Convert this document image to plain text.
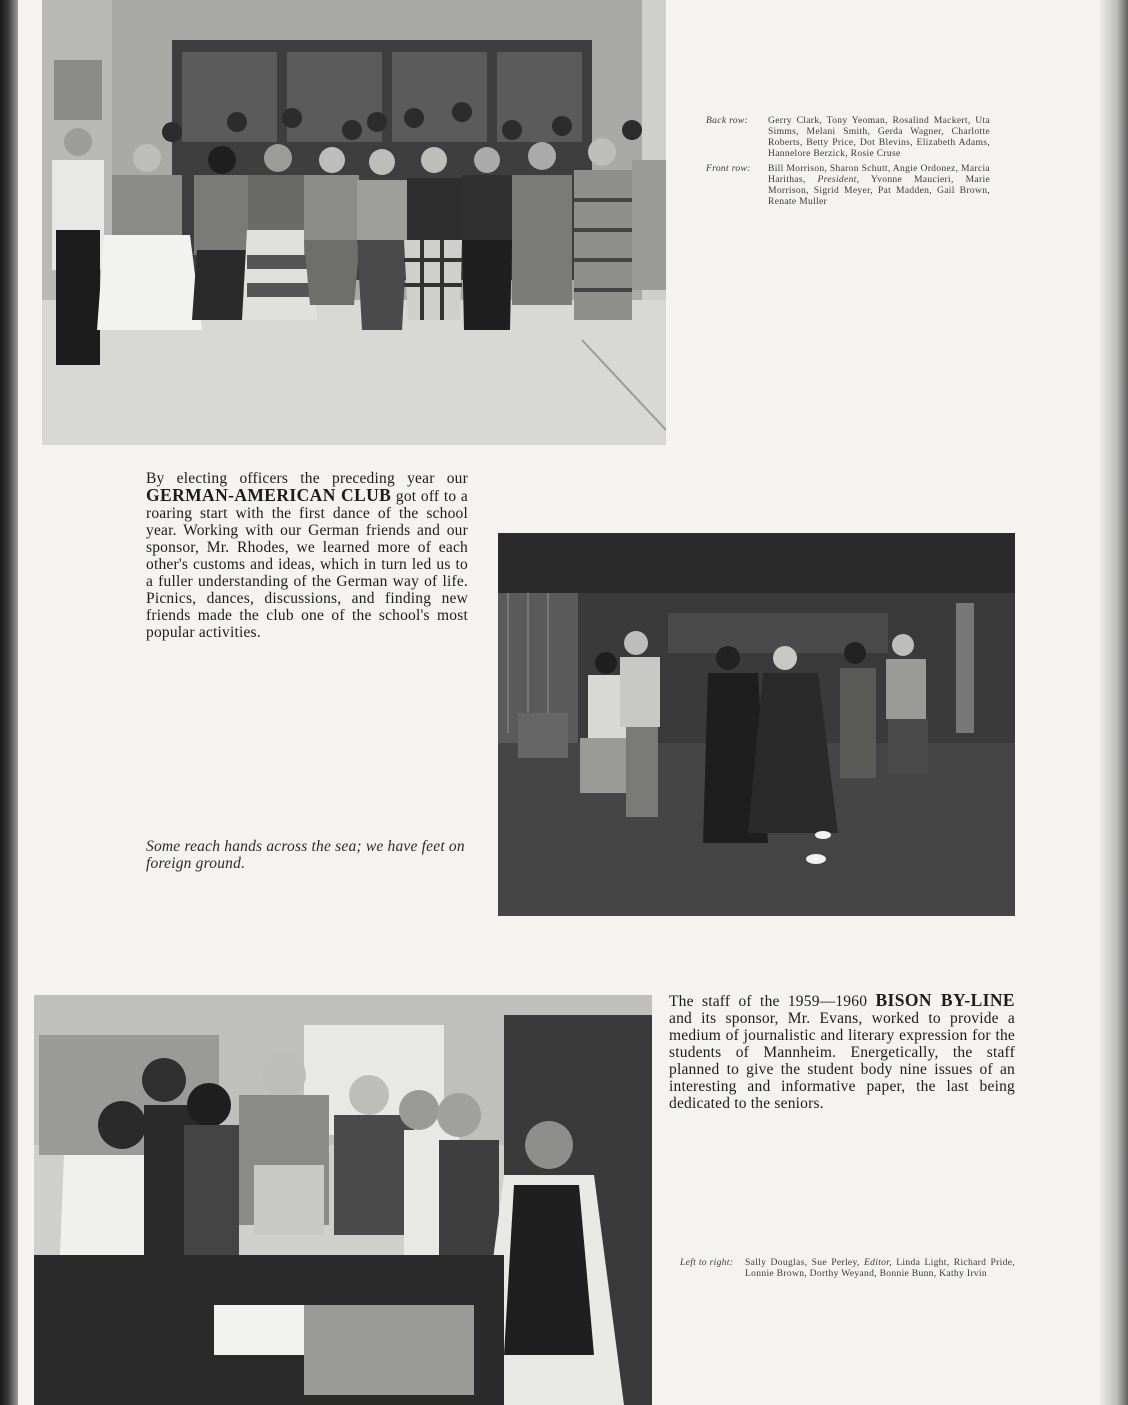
Back row:	Gerry Clark, Tony Yeoman, Rosalind Mackert, Uta Simms, Melani Smith, Gerda Wagner, Charlotte Roberts, Betty Price, Dot Blevins, Elizabeth Adams, Hannelore Berzick, Rosie Cruse
Front row:	Bill Morrison, Sharon Schutt, Angie Ordonez, Marcia Harithas, President, Yvonne Maucieri, Marie Morrison, Sigrid Meyer, Pat Madden, Gail Brown, Renate Muller
By electing officers the preceding year our GERMAN-AMERICAN CLUB got off to a roaring start with the first dance of the school year. Working with our German friends and our sponsor, Mr. Rhodes, we learned more of each other's customs and ideas, which in turn led us to a fuller understanding of the German way of life. Picnics, dances, discussions, and finding new friends made the club one of the school's most popular activities.
Some reach hands across the sea; we have feet on foreign ground.
The staff of the 1959—1960 BISON BY-LINE and its sponsor, Mr. Evans, worked to provide a medium of journalistic and literary expression for the students of Mannheim. Energetically, the staff planned to give the student body nine issues of an interesting and informative paper, the last being dedicated to the seniors.
Left to right:	Sally Douglas, Sue Perley, Editor, Linda Light, Richard Pride, Lonnie Brown, Dorthy Weyand, Bonnie Bunn, Kathy Irvin
